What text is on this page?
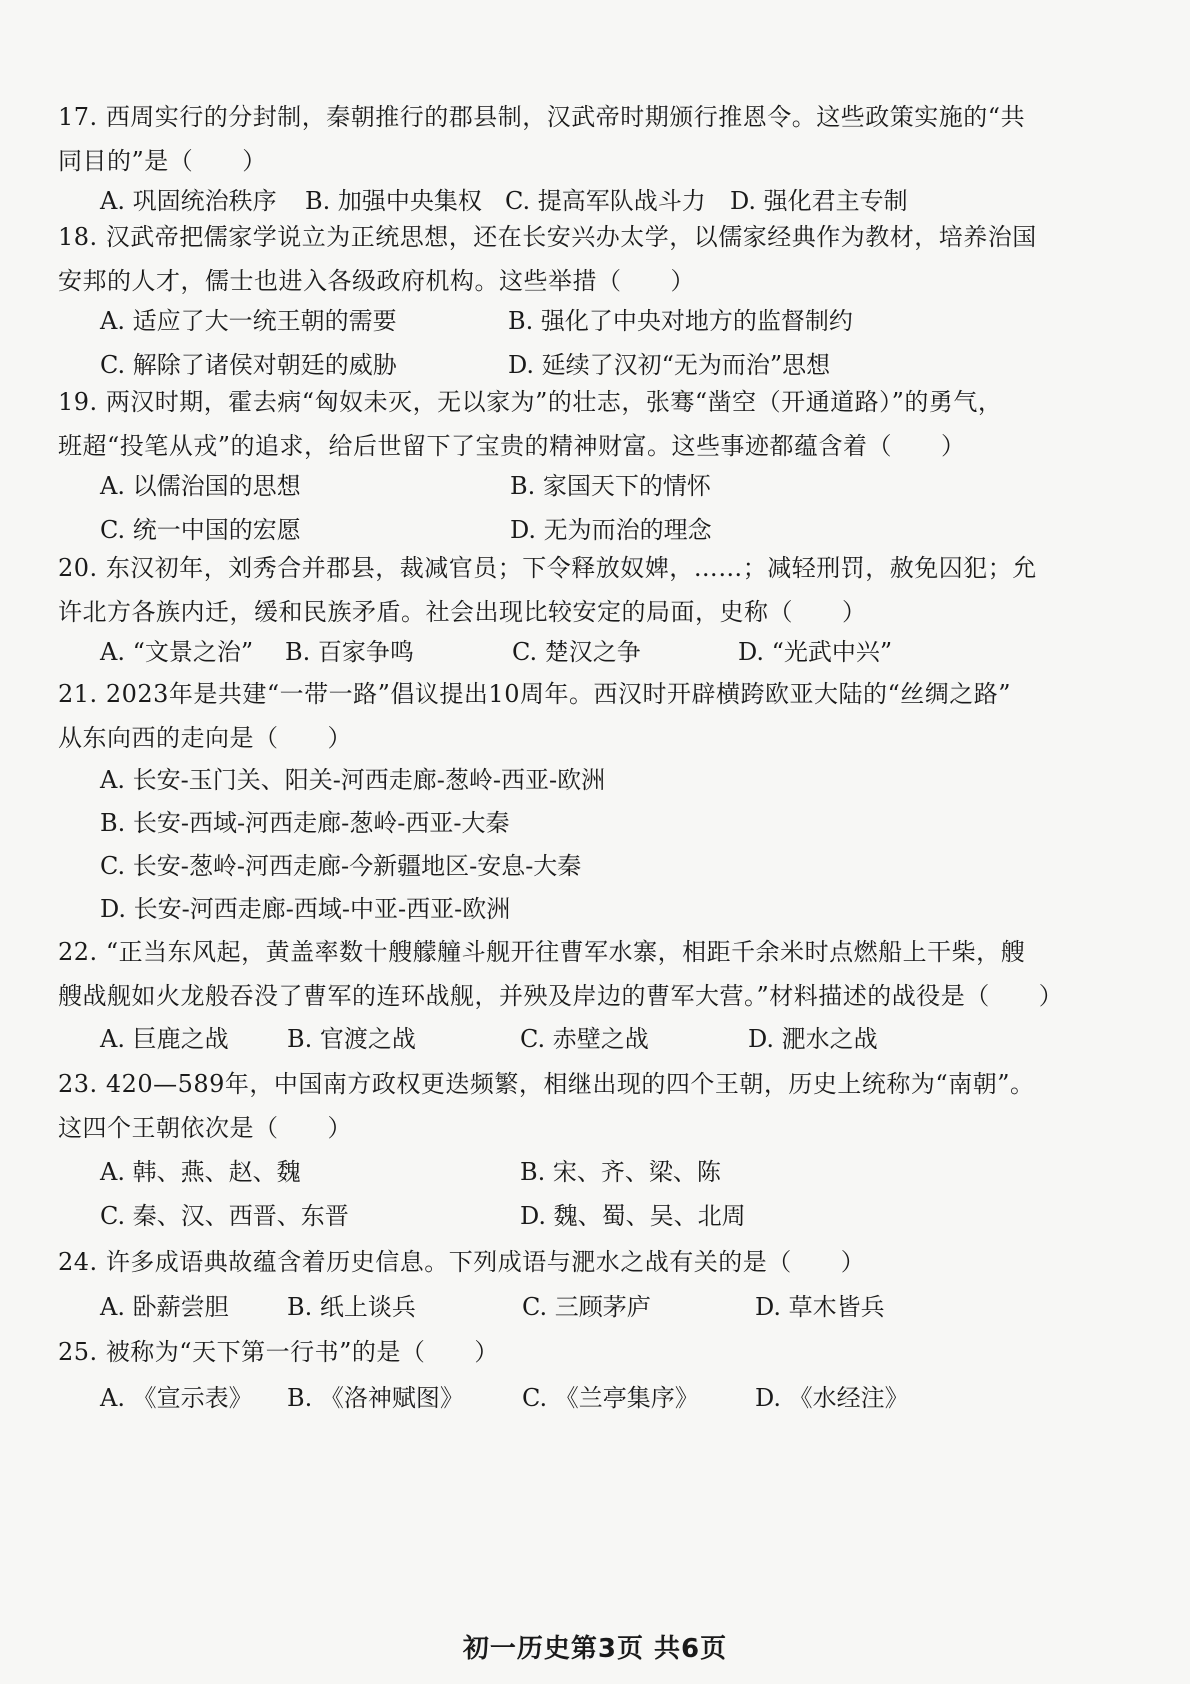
17. 西周实行的分封制，秦朝推行的郡县制，汉武帝时期颁行推恩令。这些政策实施的“共
同目的”是（　　）
A. 巩固统治秩序 B. 加强中央集权 C. 提高军队战斗力 D. 强化君主专制
18. 汉武帝把儒家学说立为正统思想，还在长安兴办太学，以儒家经典作为教材，培养治国
安邦的人才，儒士也进入各级政府机构。这些举措（　　）
A. 适应了大一统王朝的需要	B. 强化了中央对地方的监督制约
C. 解除了诸侯对朝廷的威胁	D. 延续了汉初“无为而治”思想
19. 两汉时期，霍去病“匈奴未灭，无以家为”的壮志，张骞“凿空（开通道路）”的勇气，
班超“投笔从戎”的追求，给后世留下了宝贵的精神财富。这些事迹都蕴含着（　　）
A. 以儒治国的思想	B. 家国天下的情怀
C. 统一中国的宏愿	D. 无为而治的理念
20. 东汉初年，刘秀合并郡县，裁减官员；下令释放奴婢，……；减轻刑罚，赦免囚犯；允
许北方各族内迁，缓和民族矛盾。社会出现比较安定的局面，史称（　　）
A. “文景之治” B. 百家争鸣	C. 楚汉之争	D. “光武中兴”
21. 2023年是共建“一带一路”倡议提出10周年。西汉时开辟横跨欧亚大陆的“丝绸之路”
从东向西的走向是（　　）
A. 长安-玉门关、阳关-河西走廊-葱岭-西亚-欧洲
B. 长安-西域-河西走廊-葱岭-西亚-大秦
C. 长安-葱岭-河西走廊-今新疆地区-安息-大秦
D. 长安-河西走廊-西域-中亚-西亚-欧洲
22. “正当东风起，黄盖率数十艘艨艟斗舰开往曹军水寨，相距千余米时点燃船上干柴，艘
艘战舰如火龙般吞没了曹军的连环战舰，并殃及岸边的曹军大营。”材料描述的战役是（　　）
A. 巨鹿之战 B. 官渡之战	C. 赤壁之战	D. 淝水之战
23. 420—589年，中国南方政权更迭频繁，相继出现的四个王朝，历史上统称为“南朝”。
这四个王朝依次是（　　）
A. 韩、燕、赵、魏	B. 宋、齐、梁、陈
C. 秦、汉、西晋、东晋	D. 魏、蜀、吴、北周
24. 许多成语典故蕴含着历史信息。下列成语与淝水之战有关的是（　　）
A. 卧薪尝胆 B. 纸上谈兵	C. 三顾茅庐	D. 草木皆兵
25. 被称为“天下第一行书”的是（　　）
A. 《宣示表》 B. 《洛神赋图》 C. 《兰亭集序》 D. 《水经注》
初一历史第3页 共6页
